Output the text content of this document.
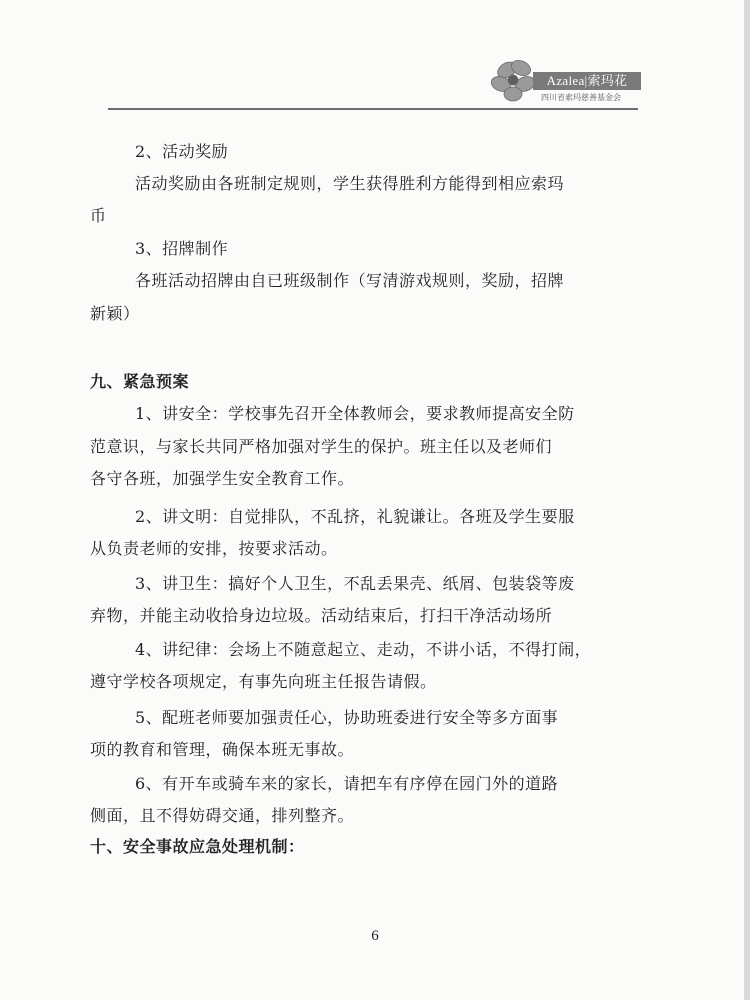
Azalea|索玛花
四川省索玛慈善基金会
2、活动奖励
活动奖励由各班制定规则，学生获得胜利方能得到相应索玛
币
3、招牌制作
各班活动招牌由自已班级制作（写清游戏规则，奖励，招牌
新颖）
九、紧急预案
1、讲安全：学校事先召开全体教师会，要求教师提高安全防
范意识，与家长共同严格加强对学生的保护。班主任以及老师们
各守各班，加强学生安全教育工作。
2、讲文明：自觉排队，不乱挤，礼貌谦让。各班及学生要服
从负责老师的安排，按要求活动。
3、讲卫生：搞好个人卫生，不乱丢果壳、纸屑、包装袋等废
弃物，并能主动收拾身边垃圾。活动结束后，打扫干净活动场所
4、讲纪律：会场上不随意起立、走动，不讲小话，不得打闹，
遵守学校各项规定，有事先向班主任报告请假。
5、配班老师要加强责任心，协助班委进行安全等多方面事
项的教育和管理，确保本班无事故。
6、有开车或骑车来的家长，请把车有序停在园门外的道路
侧面，且不得妨碍交通，排列整齐。
十、安全事故应急处理机制：
6
